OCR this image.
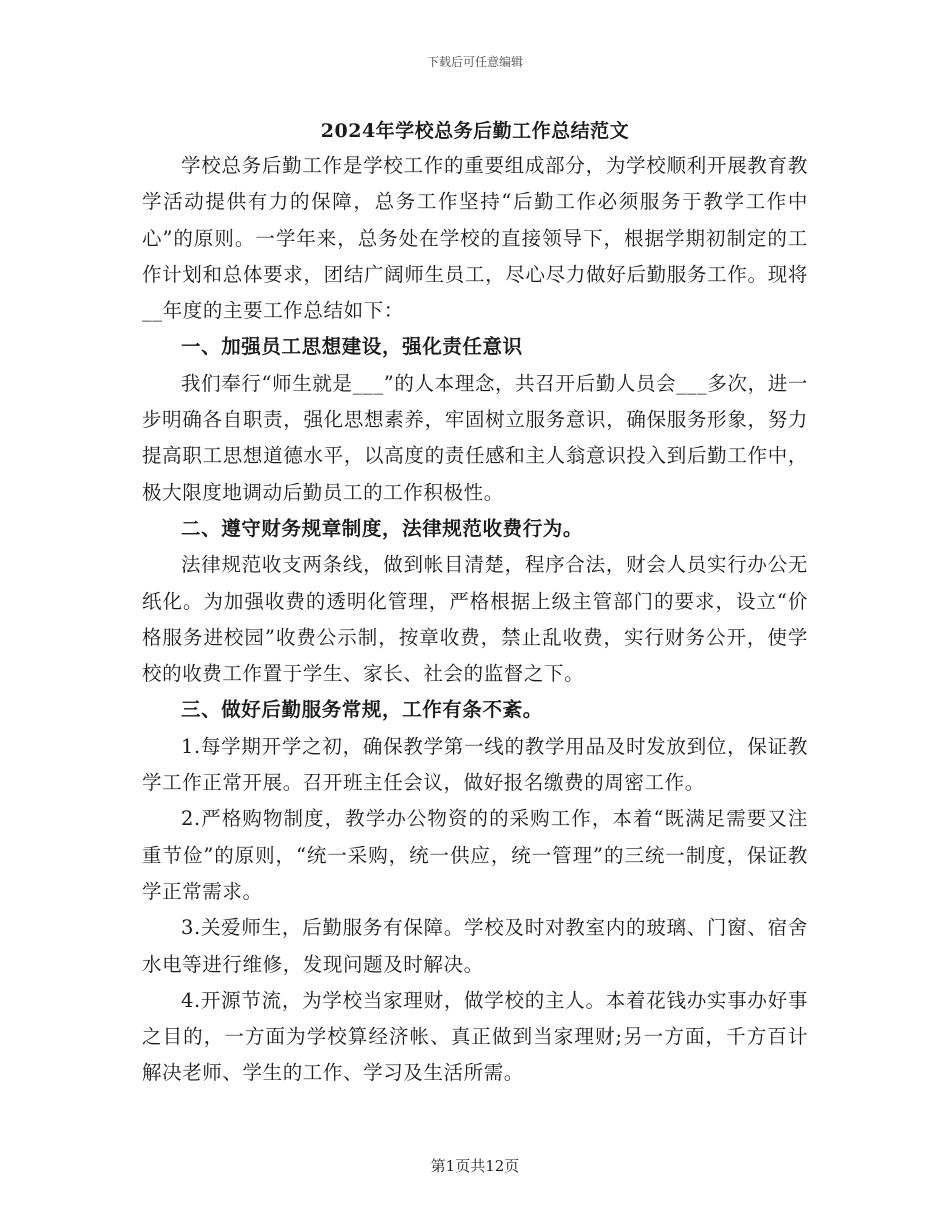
下载后可任意编辑
2024年学校总务后勤工作总结范文

学校总务后勤工作是学校工作的重要组成部分，为学校顺利开展教育教学活动提供有力的保障，总务工作坚持“后勤工作必须服务于教学工作中心”的原则。一学年来，总务处在学校的直接领导下，根据学期初制定的工作计划和总体要求，团结广阔师生员工，尽心尽力做好后勤服务工作。现将__年度的主要工作总结如下：

一、加强员工思想建设，强化责任意识

我们奉行“师生就是___”的人本理念，共召开后勤人员会___多次，进一步明确各自职责，强化思想素养，牢固树立服务意识，确保服务形象，努力提高职工思想道德水平，以高度的责任感和主人翁意识投入到后勤工作中，极大限度地调动后勤员工的工作积极性。

二、遵守财务规章制度，法律规范收费行为。

法律规范收支两条线，做到帐目清楚，程序合法，财会人员实行办公无纸化。为加强收费的透明化管理，严格根据上级主管部门的要求，设立“价格服务进校园”收费公示制，按章收费，禁止乱收费，实行财务公开，使学校的收费工作置于学生、家长、社会的监督之下。

三、做好后勤服务常规，工作有条不紊。

1.每学期开学之初，确保教学第一线的教学用品及时发放到位，保证教学工作正常开展。召开班主任会议，做好报名缴费的周密工作。

2.严格购物制度，教学办公物资的的采购工作，本着“既满足需要又注重节俭”的原则，“统一采购，统一供应，统一管理”的三统一制度，保证教学正常需求。

3.关爱师生，后勤服务有保障。学校及时对教室内的玻璃、门窗、宿舍水电等进行维修，发现问题及时解决。

4.开源节流，为学校当家理财，做学校的主人。本着花钱办实事办好事之目的，一方面为学校算经济帐、真正做到当家理财;另一方面，千方百计解决老师、学生的工作、学习及生活所需。

第1页共12页
